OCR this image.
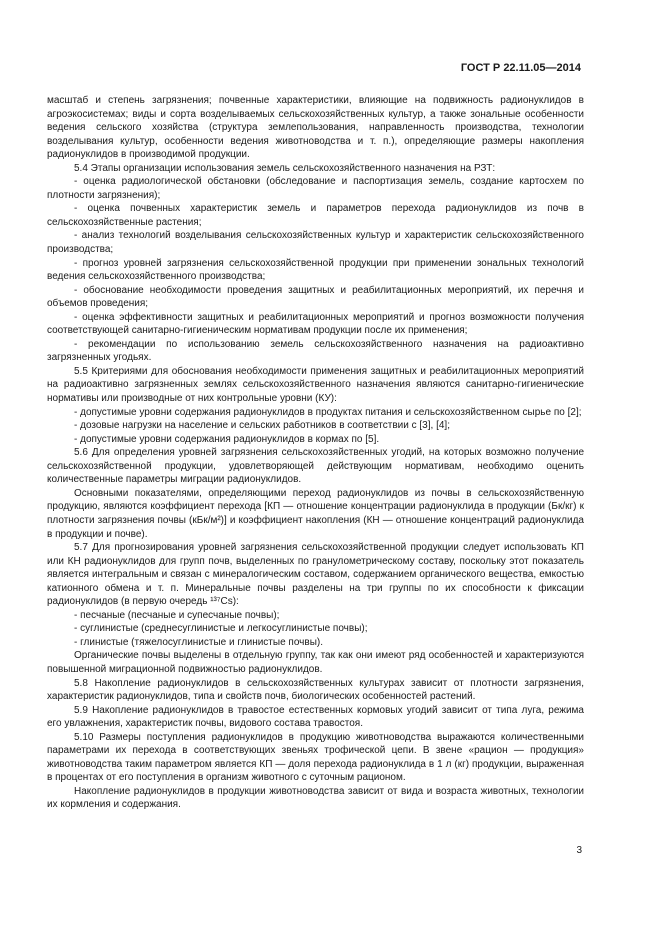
ГОСТ Р 22.11.05—2014

масштаб и степень загрязнения; почвенные характеристики, влияющие на подвижность радионуклидов в агроэкосистемах; виды и сорта возделываемых сельскохозяйственных культур, а также зональные особенности ведения сельского хозяйства (структура землепользования, направленность производства, технологии возделывания культур, особенности ведения животноводства и т. п.), определяющие размеры накопления радионуклидов в производимой продукции.

5.4 Этапы организации использования земель сельскохозяйственного назначения на РЗТ:

- оценка радиологической обстановки (обследование и паспортизация земель, создание картосхем по плотности загрязнения);

- оценка почвенных характеристик земель и параметров перехода радионуклидов из почв в сельскохозяйственные растения;

- анализ технологий возделывания сельскохозяйственных культур и характеристик сельскохозяйственного производства;

- прогноз уровней загрязнения сельскохозяйственной продукции при применении зональных технологий ведения сельскохозяйственного производства;

- обоснование необходимости проведения защитных и реабилитационных мероприятий, их перечня и объемов проведения;

- оценка эффективности защитных и реабилитационных мероприятий и прогноз возможности получения соответствующей санитарно-гигиеническим нормативам продукции после их применения;

- рекомендации по использованию земель сельскохозяйственного назначения на радиоактивно загрязненных угодьях.

5.5 Критериями для обоснования необходимости применения защитных и реабилитационных мероприятий на радиоактивно загрязненных землях сельскохозяйственного назначения являются санитарно-гигиенические нормативы или производные от них контрольные уровни (КУ):

- допустимые уровни содержания радионуклидов в продуктах питания и сельскохозяйственном сырье по [2];

- дозовые нагрузки на население и сельских работников в соответствии с [3], [4];

- допустимые уровни содержания радионуклидов в кормах по [5].

5.6 Для определения уровней загрязнения сельскохозяйственных угодий, на которых возможно получение сельскохозяйственной продукции, удовлетворяющей действующим нормативам, необходимо оценить количественные параметры миграции радионуклидов.

Основными показателями, определяющими переход радионуклидов из почвы в сельскохозяйственную продукцию, являются коэффициент перехода [КП — отношение концентрации радионуклида в продукции (Бк/кг) к плотности загрязнения почвы (кБк/м²)] и коэффициент накопления (КН — отношение концентраций радионуклида в продукции и почве).

5.7 Для прогнозирования уровней загрязнения сельскохозяйственной продукции следует использовать КП или КН радионуклидов для групп почв, выделенных по гранулометрическому составу, поскольку этот показатель является интегральным и связан с минералогическим составом, содержанием органического вещества, емкостью катионного обмена и т. п. Минеральные почвы разделены на три группы по их способности к фиксации радионуклидов (в первую очередь ¹³⁷Cs):

- песчаные (песчаные и супесчаные почвы);

- суглинистые (среднесуглинистые и легкосуглинистые почвы);

- глинистые (тяжелосуглинистые и глинистые почвы).

Органические почвы выделены в отдельную группу, так как они имеют ряд особенностей и характеризуются повышенной миграционной подвижностью радионуклидов.

5.8 Накопление радионуклидов в сельскохозяйственных культурах зависит от плотности загрязнения, характеристик радионуклидов, типа и свойств почв, биологических особенностей растений.

5.9 Накопление радионуклидов в травостое естественных кормовых угодий зависит от типа луга, режима его увлажнения, характеристик почвы, видового состава травостоя.

5.10 Размеры поступления радионуклидов в продукцию животноводства выражаются количественными параметрами их перехода в соответствующих звеньях трофической цепи. В звене «рацион — продукция» животноводства таким параметром является КП — доля перехода радионуклида в 1 л (кг) продукции, выраженная в процентах от его поступления в организм животного с суточным рационом.

Накопление радионуклидов в продукции животноводства зависит от вида и возраста животных, технологии их кормления и содержания.

3
